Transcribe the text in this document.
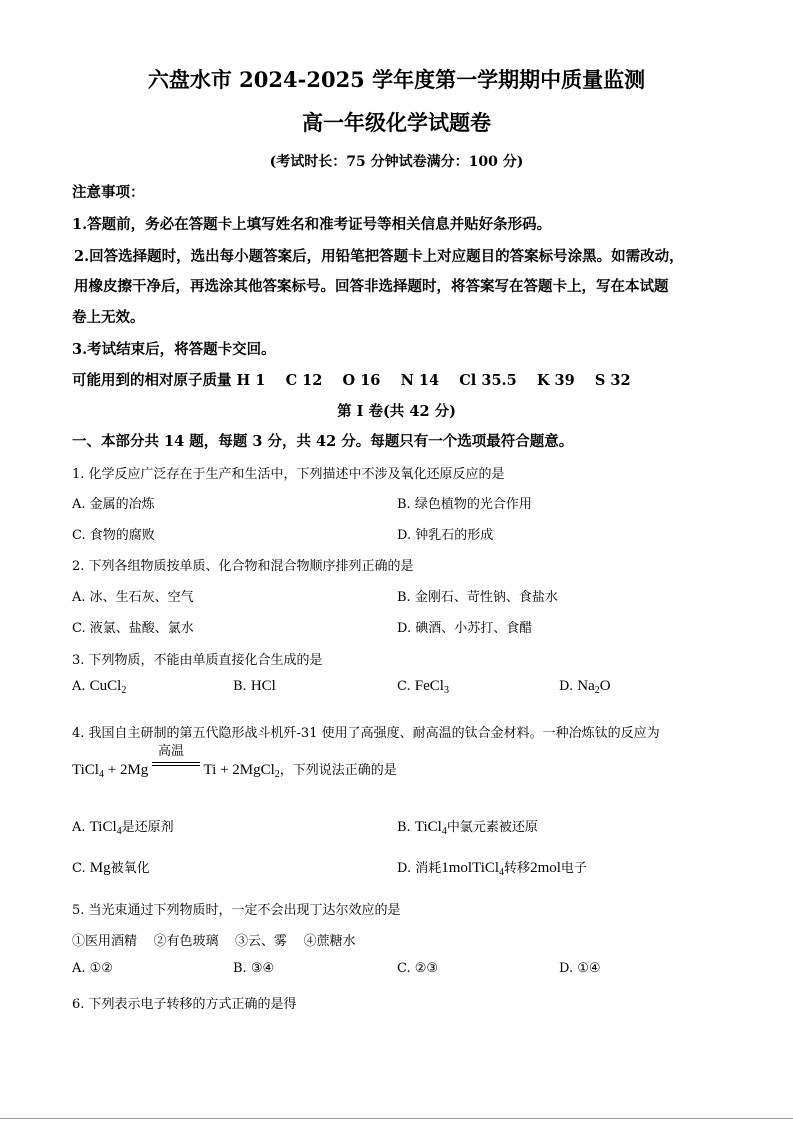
六盘水市 2024-2025 学年度第一学期期中质量监测
高一年级化学试题卷
(考试时长：75 分钟试卷满分：100 分)
注意事项：
1.答题前，务必在答题卡上填写姓名和准考证号等相关信息并贴好条形码。
2.回答选择题时，选出每小题答案后，用铅笔把答题卡上对应题目的答案标号涂黑。如需改动，
用橡皮擦干净后，再选涂其他答案标号。回答非选择题时，将答案写在答题卡上，写在本试题
卷上无效。
3.考试结束后，将答题卡交回。
可能用到的相对原子质量 H 1    C 12    O 16    N 14    Cl 35.5    K 39    S 32
第 I 卷(共 42 分)
一、本部分共 14 题，每题 3 分，共 42 分。每题只有一个选项最符合题意。
1. 化学反应广泛存在于生产和生活中，下列描述中不涉及氧化还原反应的是
A. 金属的冶炼	B. 绿色植物的光合作用
C. 食物的腐败	D. 钟乳石的形成
2. 下列各组物质按单质、化合物和混合物顺序排列正确的是
A. 冰、生石灰、空气	B. 金刚石、苛性钠、食盐水
C. 液氯、盐酸、氯水	D. 碘酒、小苏打、食醋
3. 下列物质，不能由单质直接化合生成的是
A. CuCl$_2$	B. HCl	C. FeCl$_3$	D. $Na_2O$
4. 我国自主研制的第五代隐形战斗机歼-31 使用了高强度、耐高温的钛合金材料。一种冶炼钛的反应为
TiCl$_4$ + 2Mg
高温
Ti + 2MgCl$_2$，下列说法正确的是
A. TiCl$_4$是还原剂	B. TiCl$_4$中氯元素被还原
C. Mg被氧化	D. 消耗1molTiCl$_4$转移2mol电子
5. 当光束通过下列物质时，一定不会出现丁达尔效应的是
①医用酒精    ②有色玻璃    ③云、雾    ④蔗糖水
A. ①②	B. ③④	C. ②③	D. ①④
6. 下列表示电子转移的方式正确的是得
